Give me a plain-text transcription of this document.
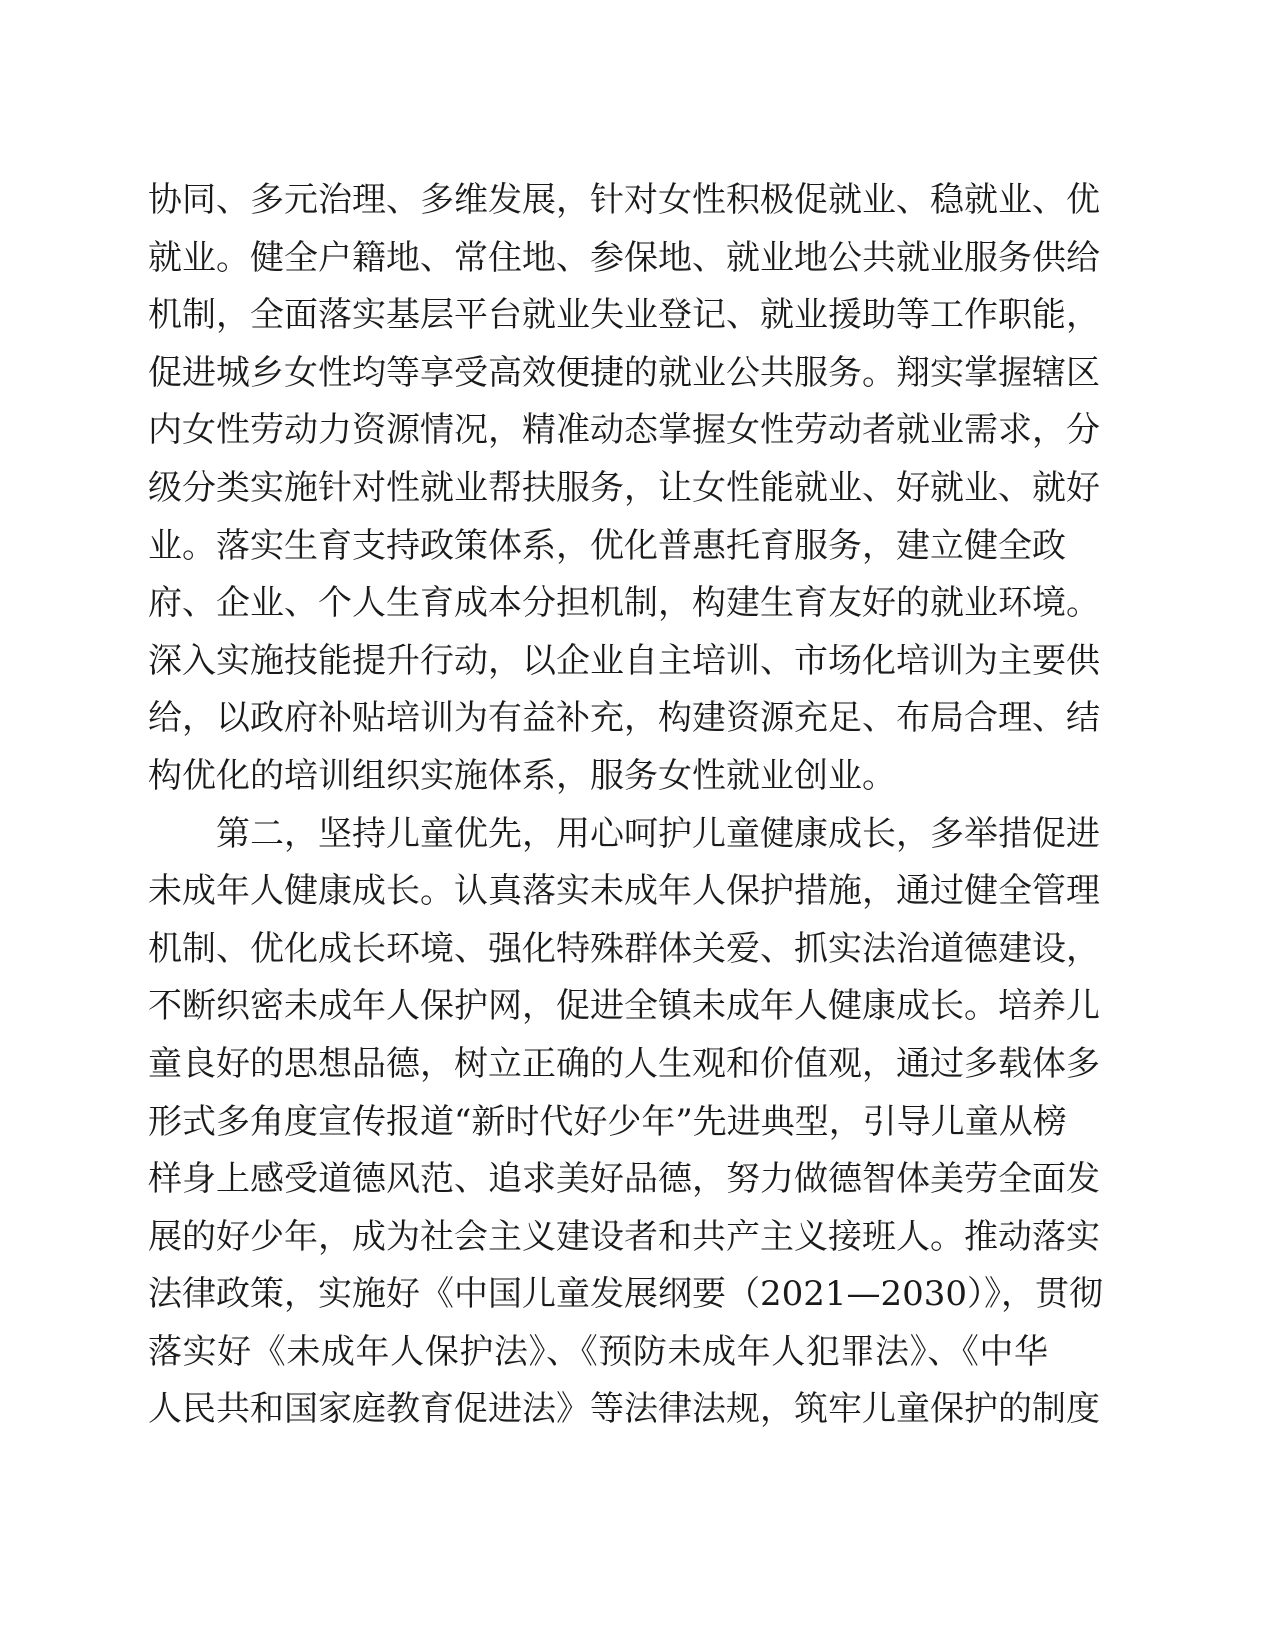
协同、多元治理、多维发展，针对女性积极促就业、稳就业、优
就业。健全户籍地、常住地、参保地、就业地公共就业服务供给
机制，全面落实基层平台就业失业登记、就业援助等工作职能，
促进城乡女性均等享受高效便捷的就业公共服务。翔实掌握辖区
内女性劳动力资源情况，精准动态掌握女性劳动者就业需求，分
级分类实施针对性就业帮扶服务，让女性能就业、好就业、就好
业。落实生育支持政策体系，优化普惠托育服务，建立健全政
府、企业、个人生育成本分担机制，构建生育友好的就业环境。
深入实施技能提升行动，以企业自主培训、市场化培训为主要供
给，以政府补贴培训为有益补充，构建资源充足、布局合理、结
构优化的培训组织实施体系，服务女性就业创业。
　　第二，坚持儿童优先，用心呵护儿童健康成长，多举措促进
未成年人健康成长。认真落实未成年人保护措施，通过健全管理
机制、优化成长环境、强化特殊群体关爱、抓实法治道德建设，
不断织密未成年人保护网，促进全镇未成年人健康成长。培养儿
童良好的思想品德，树立正确的人生观和价值观，通过多载体多
形式多角度宣传报道“新时代好少年”先进典型，引导儿童从榜
样身上感受道德风范、追求美好品德，努力做德智体美劳全面发
展的好少年，成为社会主义建设者和共产主义接班人。推动落实
法律政策，实施好《中国儿童发展纲要（2021—2030）》，贯彻
落实好《未成年人保护法》、《预防未成年人犯罪法》、《中华
人民共和国家庭教育促进法》等法律法规，筑牢儿童保护的制度
